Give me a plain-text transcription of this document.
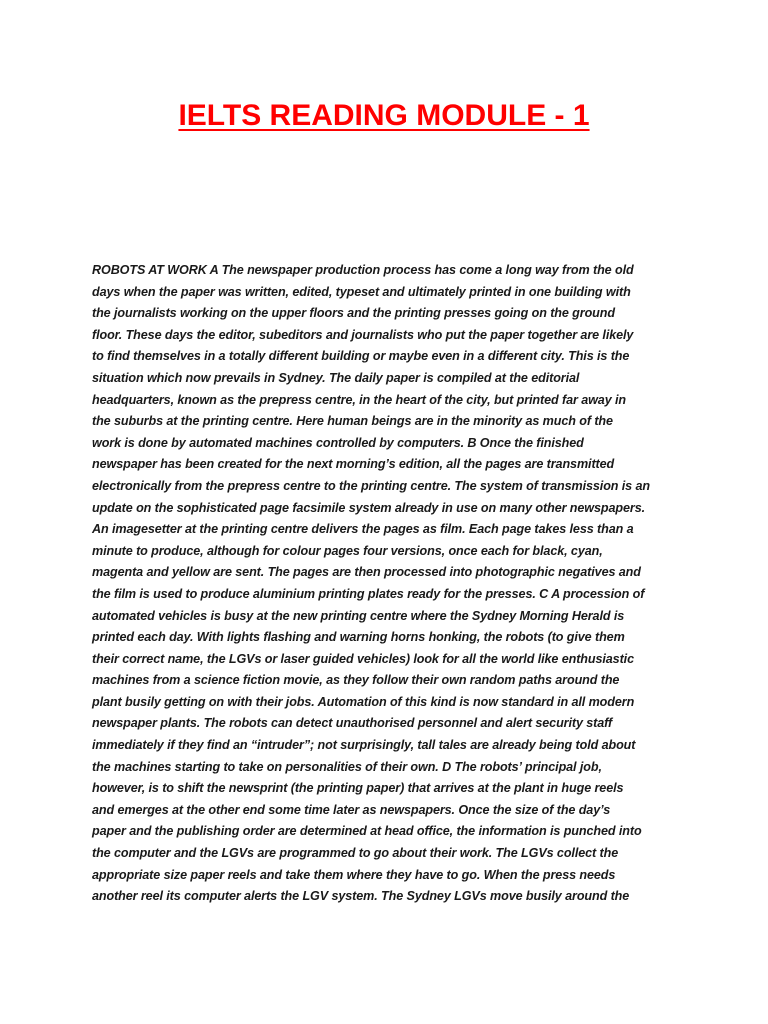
IELTS READING MODULE - 1
ROBOTS AT WORK A The newspaper production process has come a long way from the old
days when the paper was written, edited, typeset and ultimately printed in one building with
the journalists working on the upper floors and the printing presses going on the ground
floor. These days the editor, subeditors and journalists who put the paper together are likely
to find themselves in a totally different building or maybe even in a different city. This is the
situation which now prevails in Sydney. The daily paper is compiled at the editorial
headquarters, known as the prepress centre, in the heart of the city, but printed far away in
the suburbs at the printing centre. Here human beings are in the minority as much of the
work is done by automated machines controlled by computers. B Once the finished
newspaper has been created for the next morning’s edition, all the pages are transmitted
electronically from the prepress centre to the printing centre. The system of transmission is an
update on the sophisticated page facsimile system already in use on many other newspapers.
An imagesetter at the printing centre delivers the pages as film. Each page takes less than a
minute to produce, although for colour pages four versions, once each for black, cyan,
magenta and yellow are sent. The pages are then processed into photographic negatives and
the film is used to produce aluminium printing plates ready for the presses. C A procession of
automated vehicles is busy at the new printing centre where the Sydney Morning Herald is
printed each day. With lights flashing and warning horns honking, the robots (to give them
their correct name, the LGVs or laser guided vehicles) look for all the world like enthusiastic
machines from a science fiction movie, as they follow their own random paths around the
plant busily getting on with their jobs. Automation of this kind is now standard in all modern
newspaper plants. The robots can detect unauthorised personnel and alert security staff
immediately if they find an “intruder”; not surprisingly, tall tales are already being told about
the machines starting to take on personalities of their own. D The robots’ principal job,
however, is to shift the newsprint (the printing paper) that arrives at the plant in huge reels
and emerges at the other end some time later as newspapers. Once the size of the day’s
paper and the publishing order are determined at head office, the information is punched into
the computer and the LGVs are programmed to go about their work. The LGVs collect the
appropriate size paper reels and take them where they have to go. When the press needs
another reel its computer alerts the LGV system. The Sydney LGVs move busily around the
